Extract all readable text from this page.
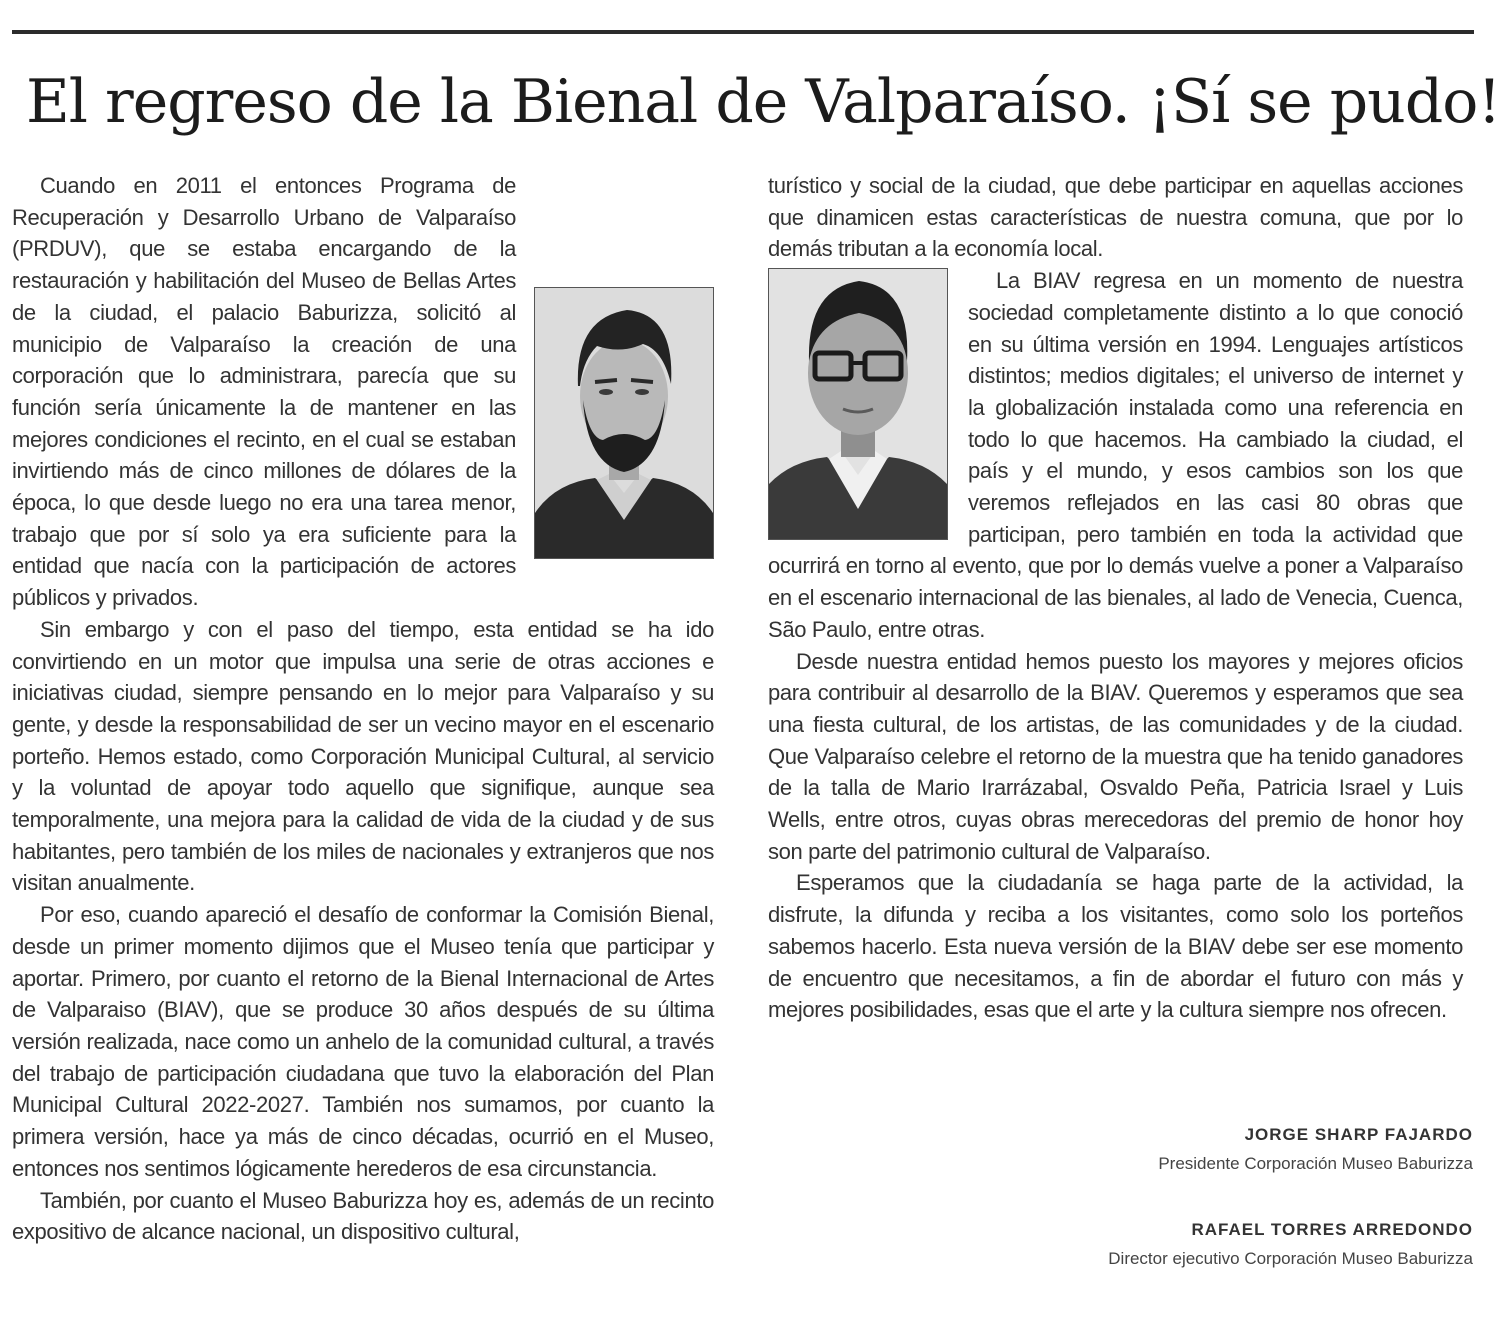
El regreso de la Bienal de Valparaíso. ¡Sí se pudo!

Cuando en 2011 el entonces Programa de Recuperación y Desarrollo Urbano de Valparaíso (PRDUV), que se estaba encargando de la restauración y habilitación del Museo de Bellas Artes de la ciudad, el palacio Baburizza, solicitó al municipio de Valparaíso la creación de una corporación que lo administrara, parecía que su función sería únicamente la de mantener en las mejores condiciones el recinto, en el cual se estaban invirtiendo más de cinco millones de dólares de la época, lo que desde luego no era una tarea menor, trabajo que por sí solo ya era suficiente para la entidad que nacía con la participación de actores públicos y privados.

Sin embargo y con el paso del tiempo, esta entidad se ha ido convirtiendo en un motor que impulsa una serie de otras acciones e iniciativas ciudad, siempre pensando en lo mejor para Valparaíso y su gente, y desde la responsabilidad de ser un vecino mayor en el escenario porteño. Hemos estado, como Corporación Municipal Cultural, al servicio y la voluntad de apoyar todo aquello que signifique, aunque sea temporalmente, una mejora para la calidad de vida de la ciudad y de sus habitantes, pero también de los miles de nacionales y extranjeros que nos visitan anualmente.

Por eso, cuando apareció el desafío de conformar la Comisión Bienal, desde un primer momento dijimos que el Museo tenía que participar y aportar. Primero, por cuanto el retorno de la Bienal Internacional de Artes de Valparaiso (BIAV), que se produce 30 años después de su última versión realizada, nace como un anhelo de la comunidad cultural, a través del trabajo de participación ciudadana que tuvo la elaboración del Plan Municipal Cultural 2022-2027. También nos sumamos, por cuanto la primera versión, hace ya más de cinco décadas, ocurrió en el Museo, entonces nos sentimos lógicamente herederos de esa circunstancia.

También, por cuanto el Museo Baburizza hoy es, además de un recinto expositivo de alcance nacional, un dispositivo cultural,

turístico y social de la ciudad, que debe participar en aquellas acciones que dinamicen estas características de nuestra comuna, que por lo demás tributan a la economía local.

La BIAV regresa en un momento de nuestra sociedad completamente distinto a lo que conoció en su última versión en 1994. Lenguajes artísticos distintos; medios digitales; el universo de internet y la globalización instalada como una referencia en todo lo que hacemos. Ha cambiado la ciudad, el país y el mundo, y esos cambios son los que veremos reflejados en las casi 80 obras que participan, pero también en toda la actividad que ocurrirá en torno al evento, que por lo demás vuelve a poner a Valparaíso en el escenario internacional de las bienales, al lado de Venecia, Cuenca, São Paulo, entre otras.

Desde nuestra entidad hemos puesto los mayores y mejores oficios para contribuir al desarrollo de la BIAV. Queremos y esperamos que sea una fiesta cultural, de los artistas, de las comunidades y de la ciudad. Que Valparaíso celebre el retorno de la muestra que ha tenido ganadores de la talla de Mario Irarrázabal, Osvaldo Peña, Patricia Israel y Luis Wells, entre otros, cuyas obras merecedoras del premio de honor hoy son parte del patrimonio cultural de Valparaíso.

Esperamos que la ciudadanía se haga parte de la actividad, la disfrute, la difunda y reciba a los visitantes, como solo los porteños sabemos hacerlo. Esta nueva versión de la BIAV debe ser ese momento de encuentro que necesitamos, a fin de abordar el futuro con más y mejores posibilidades, esas que el arte y la cultura siempre nos ofrecen.

JORGE SHARP FAJARDO
Presidente Corporación Museo Baburizza
RAFAEL TORRES ARREDONDO
Director ejecutivo Corporación Museo Baburizza
